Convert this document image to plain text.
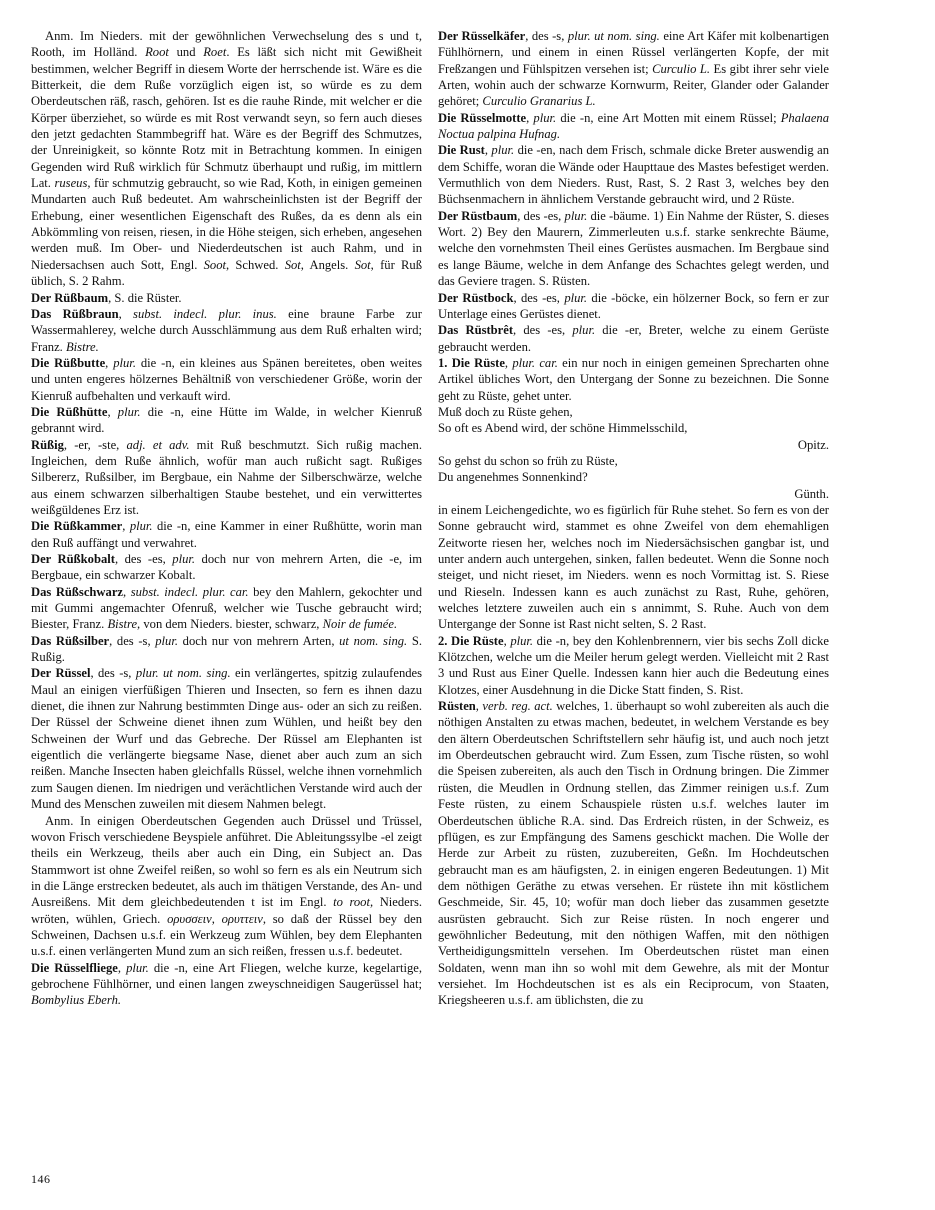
Anm. Im Nieders. mit der gewöhnlichen Verwechselung des s und t, Rooth, im Holländ. Root und Roet. Es läßt sich nicht mit Gewißheit bestimmen, welcher Begriff in diesem Worte der herrschende ist. Wäre es die Bitterkeit, die dem Ruße vorzüglich eigen ist, so würde es zu dem Oberdeutschen räß, rasch, gehören. Ist es die rauhe Rinde, mit welcher er die Körper überziehet, so würde es mit Rost verwandt seyn, so fern auch dieses den jetzt gedachten Stammbegriff hat. Wäre es der Begriff des Schmutzes, der Unreinigkeit, so könnte Rotz mit in Betrachtung kommen. In einigen Gegenden wird Ruß wirklich für Schmutz überhaupt und rußig, im mittlern Lat. ruseus, für schmutzig gebraucht, so wie Rad, Koth, in einigen gemeinen Mundarten auch Ruß bedeutet. Am wahrscheinlichsten ist der Begriff der Erhebung, einer wesentlichen Eigenschaft des Rußes, da es denn als ein Abkömmling von reisen, riesen, in die Höhe steigen, sich erheben, angesehen werden muß. Im Ober- und Niederdeutschen ist auch Rahm, und in Niedersachsen auch Sott, Engl. Soot, Schwed. Sot, Angels. Sot, für Ruß üblich, S. 2 Rahm.

Der Rüßbaum, S. die Rüster.

Das Rüßbraun, subst. indecl. plur. inus. eine braune Farbe zur Wassermahlerey, welche durch Ausschlämmung aus dem Ruß erhalten wird; Franz. Bistre.

Die Rüßbutte, plur. die -n, ein kleines aus Spänen bereitetes, oben weites und unten engeres hölzernes Behältniß von verschiedener Größe, worin der Kienruß aufbehalten und verkauft wird.

Die Rüßhütte, plur. die -n, eine Hütte im Walde, in welcher Kienruß gebrannt wird.

Rüßig, -er, -ste, adj. et adv. mit Ruß beschmutzt. Sich rußig machen. Ingleichen, dem Ruße ähnlich, wofür man auch rußicht sagt. Rußiges Silbererz, Rußsilber, im Bergbaue, ein Nahme der Silberschwärze, welche aus einem schwarzen silberhaltigen Staube bestehet, und ein verwittertes weißgüldenes Erz ist.

Die Rüßkammer, plur. die -n, eine Kammer in einer Rußhütte, worin man den Ruß auffängt und verwahret.

Der Rüßkobalt, des -es, plur. doch nur von mehrern Arten, die -e, im Bergbaue, ein schwarzer Kobalt.

Das Rüßschwarz, subst. indecl. plur. car. bey den Mahlern, gekochter und mit Gummi angemachter Ofenruß, welcher wie Tusche gebraucht wird; Biester, Franz. Bistre, von dem Nieders. biester, schwarz, Noir de fumée.

Das Rüßsilber, des -s, plur. doch nur von mehrern Arten, ut nom. sing. S. Rußig.

Der Rüssel, des -s, plur. ut nom. sing. ein verlängertes, spitzig zulaufendes Maul an einigen vierfüßigen Thieren und Insecten, so fern es ihnen dazu dienet, die ihnen zur Nahrung bestimmten Dinge aus- oder an sich zu reißen. Der Rüssel der Schweine dienet ihnen zum Wühlen, und heißt bey den Schweinen der Wurf und das Gebreche. Der Rüssel am Elephanten ist eigentlich die verlängerte biegsame Nase, dienet aber auch zum an sich reißen. Manche Insecten haben gleichfalls Rüssel, welche ihnen vornehmlich zum Saugen dienen. Im niedrigen und verächtlichen Verstande wird auch der Mund des Menschen zuweilen mit diesem Nahmen belegt.

Anm. In einigen Oberdeutschen Gegenden auch Drüssel und Trüssel, wovon Frisch verschiedene Beyspiele anführet. Die Ableitungssylbe -el zeigt theils ein Werkzeug, theils aber auch ein Ding, ein Subject an. Das Stammwort ist ohne Zweifel reißen, so wohl so fern es als ein Neutrum sich in die Länge erstrecken bedeutet, als auch im thätigen Verstande, des An- und Ausreißens. Mit dem gleichbedeutenden t ist im Engl. to root, Nieders. wröten, wühlen, Griech. ορυσσειν, ορυττειν, so daß der Rüssel bey den Schweinen, Dachsen u.s.f. ein Werkzeug zum Wühlen, bey dem Elephanten u.s.f. einen verlängerten Mund zum an sich reißen, fressen u.s.f. bedeutet.

Die Rüsselfliege, plur. die -n, eine Art Fliegen, welche kurze, kegelartige, gebrochene Fühlhörner, und einen langen zweyschneidigen Saugerüssel hat; Bombylius Eberh.

Der Rüsselkäfer, des -s, plur. ut nom. sing. eine Art Käfer mit kolbenartigen Fühlhörnern, und einem in einen Rüssel verlängerten Kopfe, der mit Freßzangen und Fühlspitzen versehen ist; Curculio L. Es gibt ihrer sehr viele Arten, wohin auch der schwarze Kornwurm, Reiter, Glander oder Galander gehöret; Curculio Granarius L.

Die Rüsselmotte, plur. die -n, eine Art Motten mit einem Rüssel; Phalaena Noctua palpina Hufnag.

Die Rust, plur. die -en, nach dem Frisch, schmale dicke Breter auswendig an dem Schiffe, woran die Wände oder Haupttaue des Mastes befestiget werden. Vermuthlich von dem Nieders. Rust, Rast, S. 2 Rast 3, welches bey den Büchsenmachern in ähnlichem Verstande gebraucht wird, und 2 Rüste.

Der Rüstbaum, des -es, plur. die -bäume. 1) Ein Nahme der Rüster, S. dieses Wort. 2) Bey den Maurern, Zimmerleuten u.s.f. starke senkrechte Bäume, welche den vornehmsten Theil eines Gerüstes ausmachen. Im Bergbaue sind es lange Bäume, welche in dem Anfange des Schachtes gelegt werden, und das Geviere tragen. S. Rüsten.

Der Rüstbock, des -es, plur. die -böcke, ein hölzerner Bock, so fern er zur Unterlage eines Gerüstes dienet.

Das Rüstbrêt, des -es, plur. die -er, Breter, welche zu einem Gerüste gebraucht werden.

1. Die Rüste, plur. car. ein nur noch in einigen gemeinen Sprecharten ohne Artikel übliches Wort, den Untergang der Sonne zu bezeichnen. Die Sonne geht zu Rüste, gehet unter.

Muß doch zu Rüste gehen,

So oft es Abend wird, der schöne Himmelsschild,

Opitz.

So gehst du schon so früh zu Rüste,

Du angenehmes Sonnenkind?

Günth.

in einem Leichengedichte, wo es figürlich für Ruhe stehet. So fern es von der Sonne gebraucht wird, stammet es ohne Zweifel von dem ehemahligen Zeitworte riesen her, welches noch im Niedersächsischen gangbar ist, und unter andern auch untergehen, sinken, fallen bedeutet. Wenn die Sonne noch steiget, und nicht rieset, im Nieders. wenn es noch Vormittag ist. S. Riese und Rieseln. Indessen kann es auch zunächst zu Rast, Ruhe, gehören, welches letztere zuweilen auch ein s annimmt, S. Ruhe. Auch von dem Untergange der Sonne ist Rast nicht selten, S. 2 Rast.

2. Die Rüste, plur. die -n, bey den Kohlenbrennern, vier bis sechs Zoll dicke Klötzchen, welche um die Meiler herum gelegt werden. Vielleicht mit 2 Rast 3 und Rust aus Einer Quelle. Indessen kann hier auch die Bedeutung eines Klotzes, einer Ausdehnung in die Dicke Statt finden, S. Rist.

Rüsten, verb. reg. act. welches, 1. überhaupt so wohl zubereiten als auch die nöthigen Anstalten zu etwas machen, bedeutet, in welchem Verstande es bey den ältern Oberdeutschen Schriftstellern sehr häufig ist, und auch noch jetzt im Oberdeutschen gebraucht wird. Zum Essen, zum Tische rüsten, so wohl die Speisen zubereiten, als auch den Tisch in Ordnung bringen. Die Zimmer rüsten, die Meudlen in Ordnung stellen, das Zimmer reinigen u.s.f. Zum Feste rüsten, zu einem Schauspiele rüsten u.s.f. welches lauter im Oberdeutschen übliche R.A. sind. Das Erdreich rüsten, in der Schweiz, es pflügen, es zur Empfängung des Samens geschickt machen. Die Wolle der Herde zur Arbeit zu rüsten, zuzubereiten, Geßn. Im Hochdeutschen gebraucht man es am häufigsten, 2. in einigen engeren Bedeutungen. 1) Mit dem nöthigen Geräthe zu etwas versehen. Er rüstete ihn mit köstlichem Geschmeide, Sir. 45, 10; wofür man doch lieber das zusammen gesetzte ausrüsten gebraucht. Sich zur Reise rüsten. In noch engerer und gewöhnlicher Bedeutung, mit den nöthigen Waffen, mit den nöthigen Vertheidigungsmitteln versehen. Im Oberdeutschen rüstet man einen Soldaten, wenn man ihn so wohl mit dem Gewehre, als mit der Montur versiehet. Im Hochdeutschen ist es als ein Reciprocum, von Staaten, Kriegsheeren u.s.f. am üblichsten, die zu

146
